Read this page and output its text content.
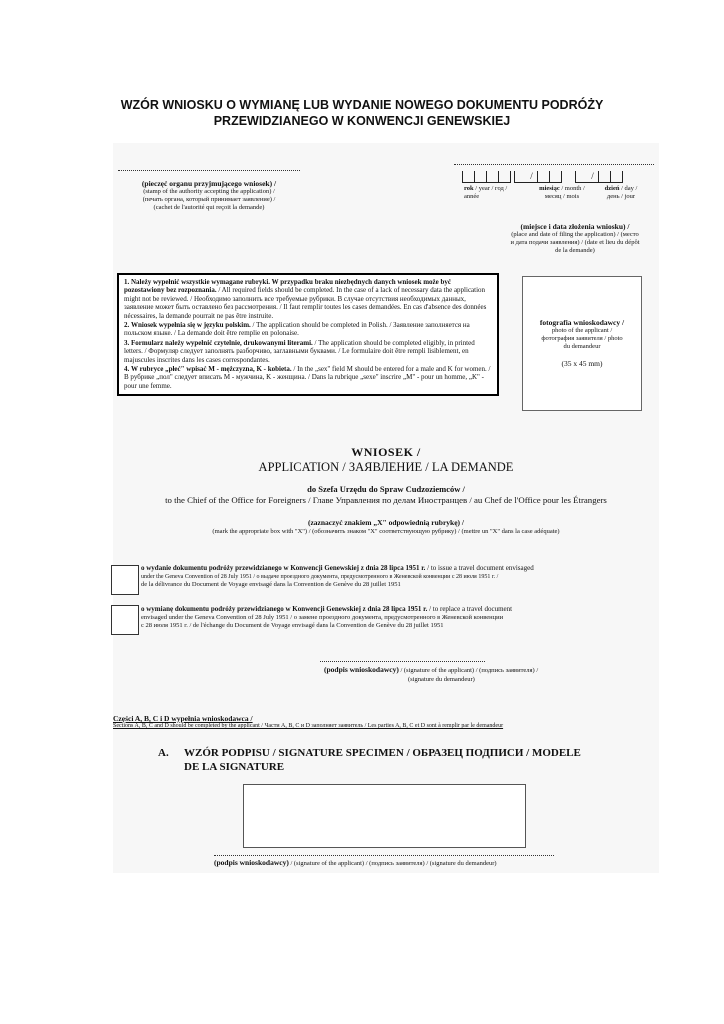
WZÓR WNIOSKU O WYMIANĘ LUB WYDANIE NOWEGO DOKUMENTU PODRÓŻY
PRZEWIDZIANEGO W KONWENCJI GENEWSKIEJ
(pieczęć organu przyjmującego wniosek) /
(stamp of the authority accepting the application) /
(печать органа, который принимает заявление) /
(cachet de l'autorité qui reçoit la demande)
/	/
rok / year / год / année
miesiąc / month /
месяц / mois
dzień / day /
день / jour
(miejsce i data złożenia wniosku) /
(place and date of filing the application) / (место
и дата подачи заявления) / (date et lieu du dépôt
de la demande)
1. Należy wypełnić wszystkie wymagane rubryki. W przypadku braku niezbędnych danych wniosek może być pozostawiony bez rozpoznania. / All required fields should be completed. In the case of a lack of necessary data the application might not be reviewed. / Необходимо заполнить все требуемые рубрики. В случае отсутствия необходимых данных, заявление может быть оставлено без рассмотрения. / Il faut remplir toutes les cases demandées. En cas d'absence des données nécessaires, la demande pourrait ne pas être instruite.
2. Wniosek wypełnia się w języku polskim. / The application should be completed in Polish. / Заявление заполняется на польском языке. / La demande doit être remplie en polonaise.
3. Formularz należy wypełnić czytelnie, drukowanymi literami. / The application should be completed eligibly, in printed letters. / Формуляр следует заполнять разборчиво, заглавными буквами. / Le formulaire doit être rempli lisiblement, en majuscules inscrites dans les cases correspondantes.
4. W rubryce „płeć" wpisać M - mężczyzna, K - kobieta. / In the „sex" field M should be entered for a male and K for women. / В рубрике „пол" следует вписать M - мужчина, K - женщина. / Dans la rubrique „sexe" inscrire „M" - pour un homme, „K" - pour une femme.
fotografia wnioskodawcy /
photo of the applicant /
фотография заявителя / photo
du demandeur
(35 x 45 mm)
WNIOSEK /
APPLICATION / ЗАЯВЛЕНИЕ / LA DEMANDE
do Szefa Urzędu do Spraw Cudzoziemców /
to the Chief of the Office for Foreigners / Главе Управления по делам Иностранцев / au Chef de l'Office pour les Étrangers
(zaznaczyć znakiem „X" odpowiednią rubrykę) /
(mark the appropriate box with "X") / (обозначить знаком "X" соответствующую рубрику) / (mettre un "X" dans la case adéquate)
o wydanie dokumentu podróży przewidzianego w Konwencji Genewskiej z dnia 28 lipca 1951 r. / to issue a travel document envisaged
under the Geneva Convention of 28 July 1951 / о выдаче проездного документа, предусмотренного в Женевской конвенции с 28 июля 1951 г. /
de la délivrance du Document de Voyage envisagé dans la Convention de Genève du 28 juillet 1951
o wymianę dokumentu podróży przewidzianego w Konwencji Genewskiej z dnia 28 lipca 1951 r. / to replace a travel document
envisaged under the Geneva Convention of 28 July 1951 / о замене проездного документа, предусмотренного в Женевской конвенции
с 28 июля 1951 г. / de l'échange du Document de Voyage envisagé dans la Convention de Genève du 28 juillet 1951
(podpis wnioskodawcy) / (signature of the applicant) / (подпись заявителя) /
(signature du demandeur)
Części A, B, C i D wypełnia wnioskodawca /
Sections A, B, C and D should be completed by the applicant / Части A, B, C и D заполняет заявитель / Les parties A, B, C et D sont à remplir par le demandeur
A. WZÓR PODPISU / SIGNATURE SPECIMEN / ОБРАЗЕЦ ПОДПИСИ / MODELE
DE LA SIGNATURE
(podpis wnioskodawcy) / (signature of the applicant) / (подпись заявителя) / (signature du demandeur)
